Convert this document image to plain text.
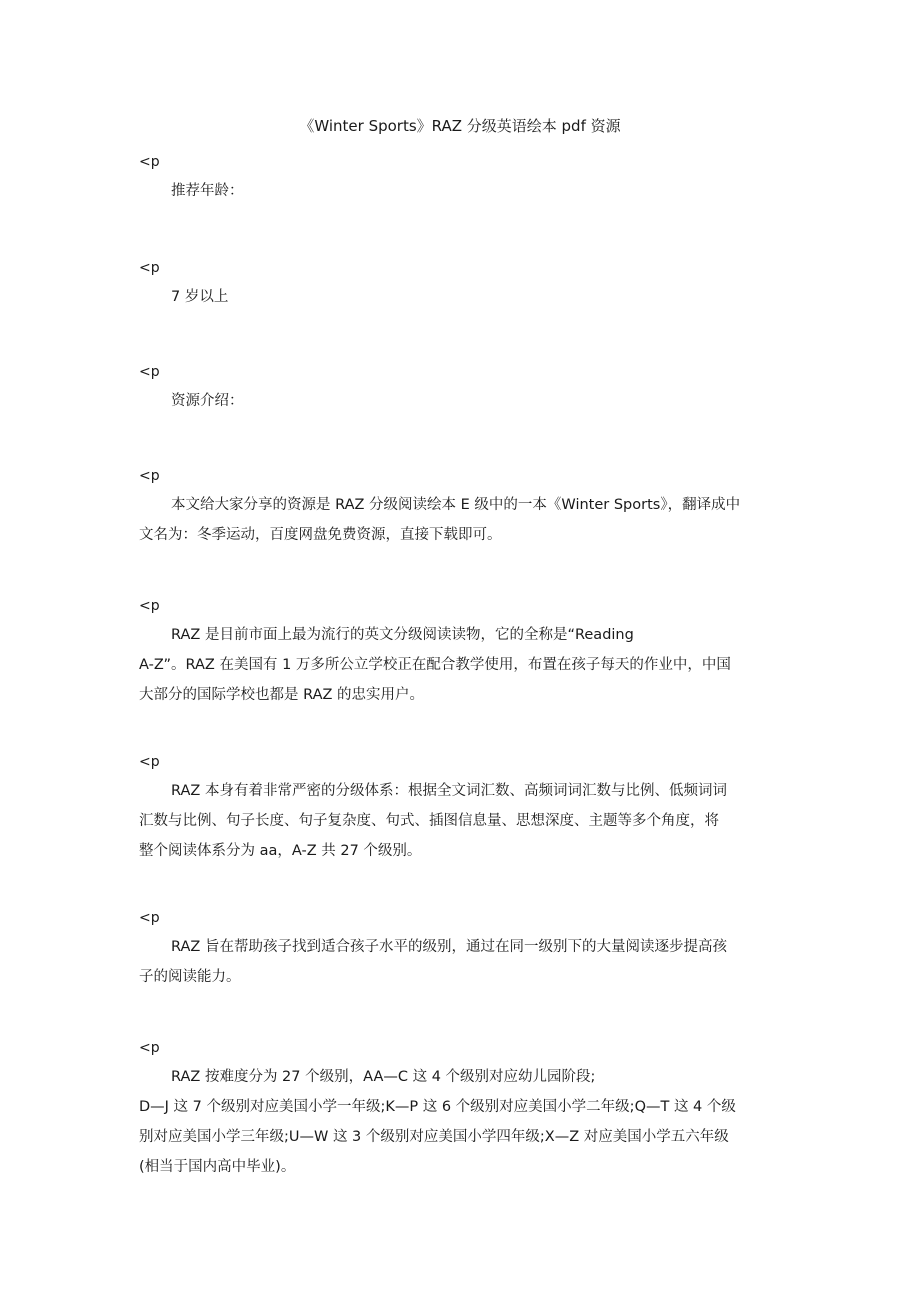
《Winter Sports》RAZ 分级英语绘本 pdf 资源
<p
推荐年龄：
<p
7 岁以上
<p
资源介绍：
<p
本文给大家分享的资源是 RAZ 分级阅读绘本 E 级中的一本《Winter Sports》，翻译成中
文名为：冬季运动，百度网盘免费资源，直接下载即可。
<p
RAZ 是目前市面上最为流行的英文分级阅读读物，它的全称是“Reading
A-Z”。RAZ 在美国有 1 万多所公立学校正在配合教学使用，布置在孩子每天的作业中，中国
大部分的国际学校也都是 RAZ 的忠实用户。
<p
RAZ 本身有着非常严密的分级体系：根据全文词汇数、高频词词汇数与比例、低频词词
汇数与比例、句子长度、句子复杂度、句式、插图信息量、思想深度、主题等多个角度，将
整个阅读体系分为 aa，A-Z 共 27 个级别。
<p
RAZ 旨在帮助孩子找到适合孩子水平的级别，通过在同一级别下的大量阅读逐步提高孩
子的阅读能力。
<p
RAZ 按难度分为 27 个级别，AA—C 这 4 个级别对应幼儿园阶段;
D—J 这 7 个级别对应美国小学一年级;K—P 这 6 个级别对应美国小学二年级;Q—T 这 4 个级
别对应美国小学三年级;U—W 这 3 个级别对应美国小学四年级;X—Z 对应美国小学五六年级
(相当于国内高中毕业)。
